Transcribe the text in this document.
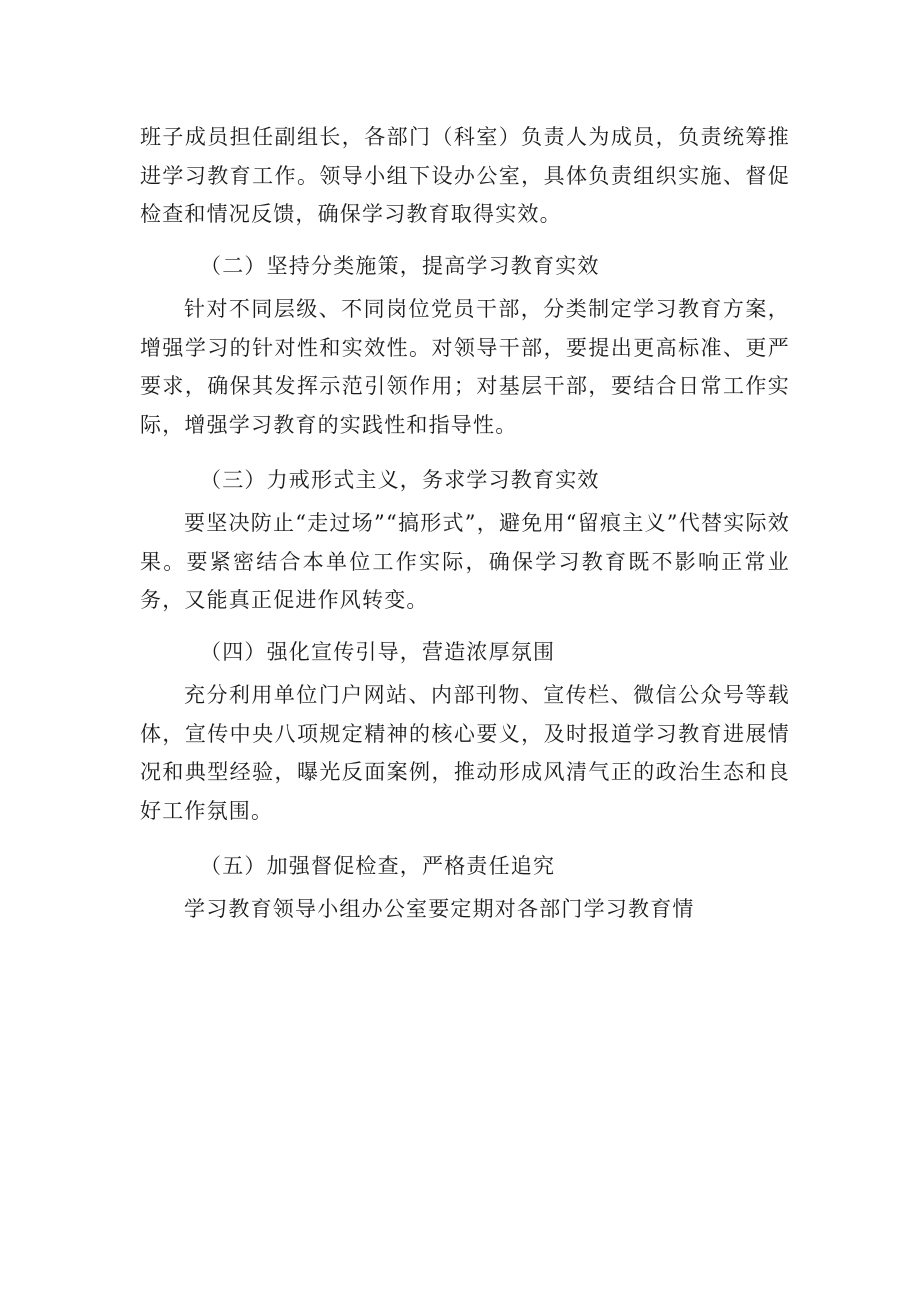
班子成员担任副组长，各部门（科室）负责人为成员，负责统筹推进学习教育工作。领导小组下设办公室，具体负责组织实施、督促检查和情况反馈，确保学习教育取得实效。

（二）坚持分类施策，提高学习教育实效

针对不同层级、不同岗位党员干部，分类制定学习教育方案，增强学习的针对性和实效性。对领导干部，要提出更高标准、更严要求，确保其发挥示范引领作用；对基层干部，要结合日常工作实际，增强学习教育的实践性和指导性。

（三）力戒形式主义，务求学习教育实效

要坚决防止“走过场”“搞形式”，避免用“留痕主义”代替实际效果。要紧密结合本单位工作实际，确保学习教育既不影响正常业务，又能真正促进作风转变。

（四）强化宣传引导，营造浓厚氛围

充分利用单位门户网站、内部刊物、宣传栏、微信公众号等载体，宣传中央八项规定精神的核心要义，及时报道学习教育进展情况和典型经验，曝光反面案例，推动形成风清气正的政治生态和良好工作氛围。

（五）加强督促检查，严格责任追究

学习教育领导小组办公室要定期对各部门学习教育情
